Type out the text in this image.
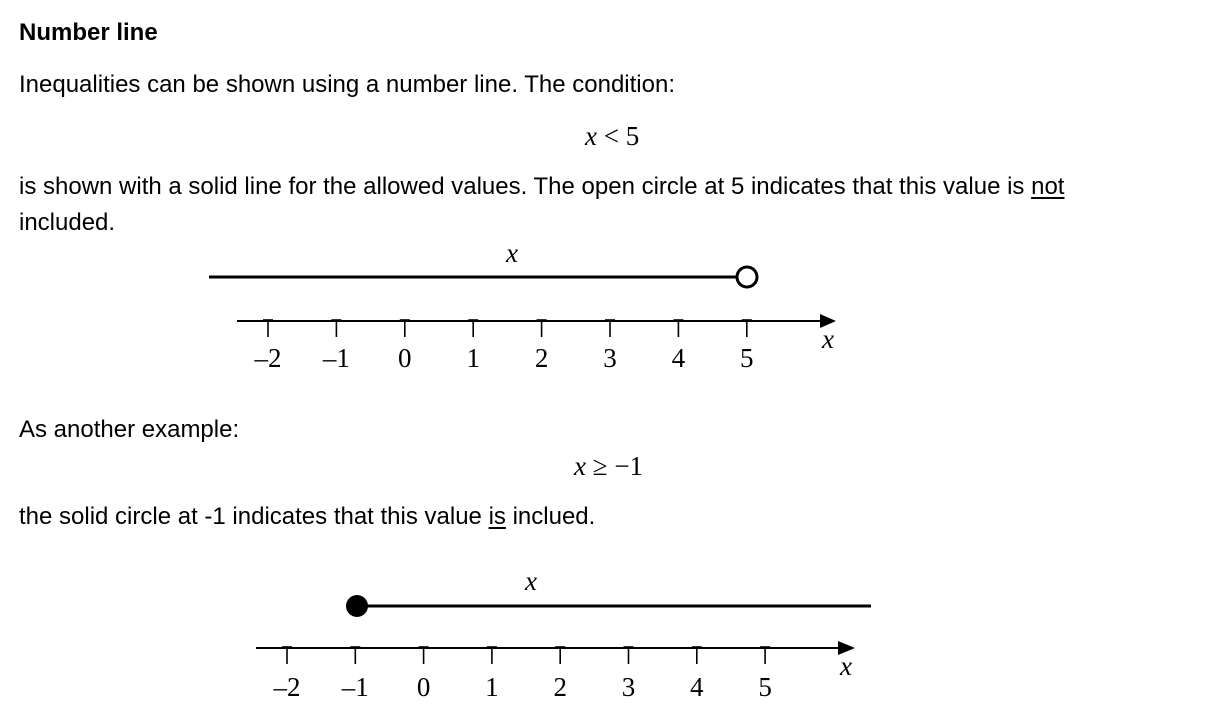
Number line
Inequalities can be shown using a number line. The condition:
x < 5
is shown with a solid line for the allowed values. The open circle at 5 indicates that this value is not
included.
x
x
–2 –1 0 1 2 3 4 5
As another example:
x ≥ −1
the solid circle at -1 indicates that this value is inclued.
x
x
–2 –1 0 1 2 3 4 5
